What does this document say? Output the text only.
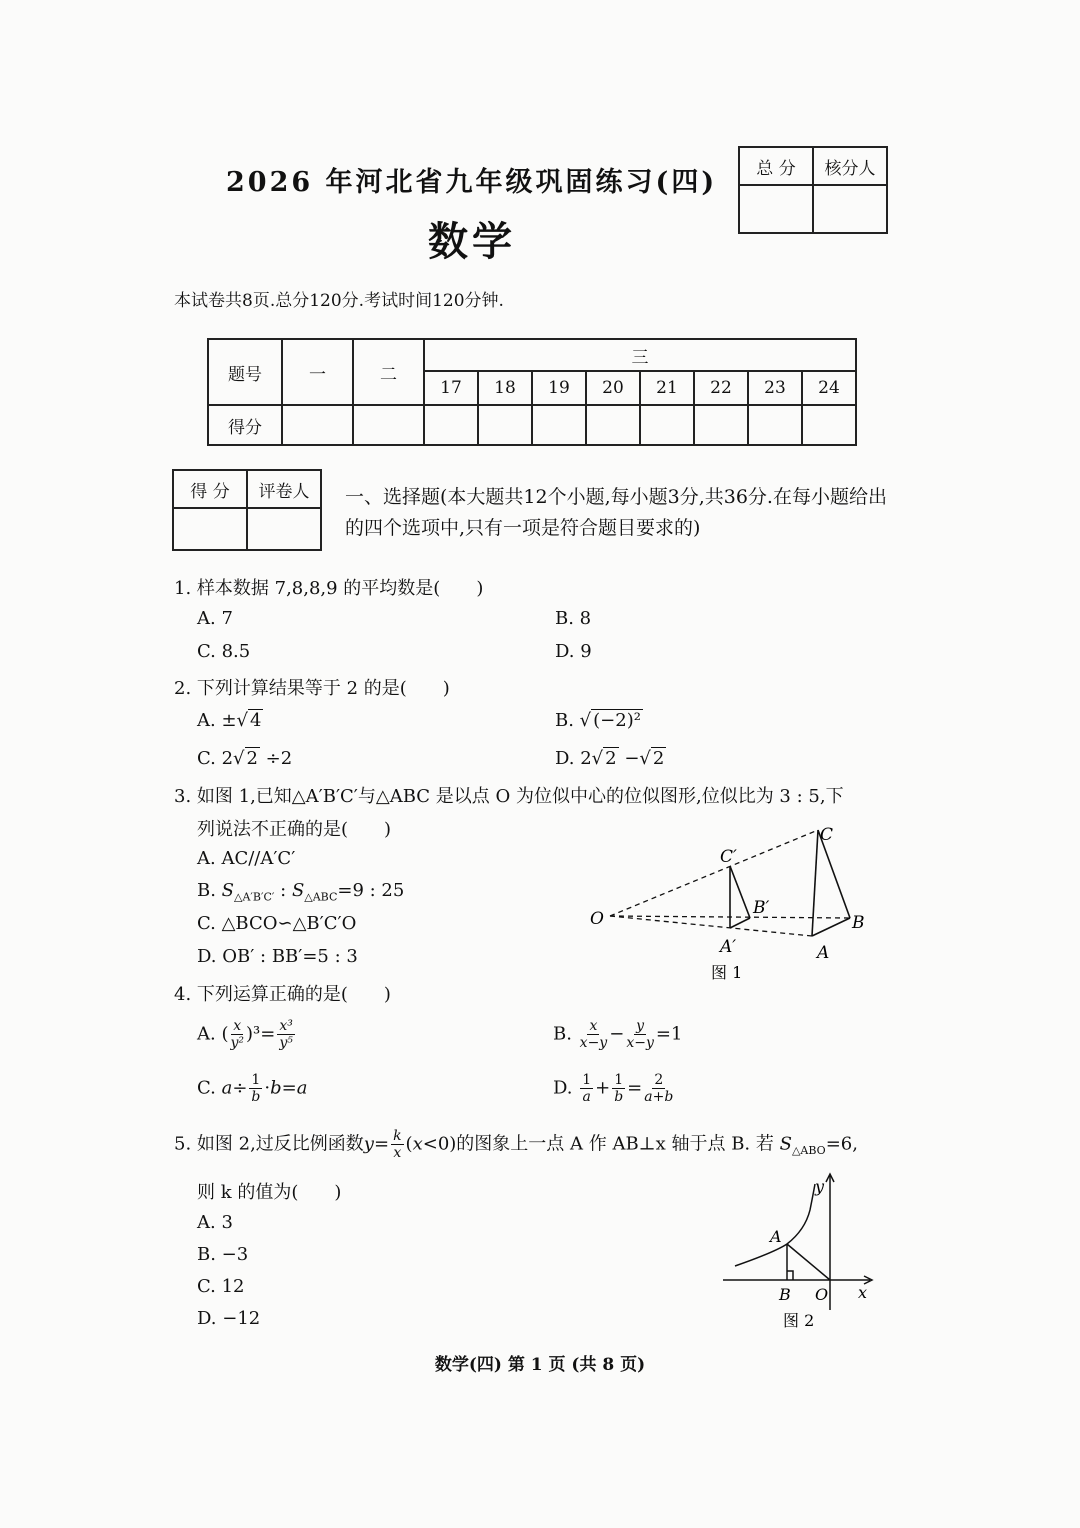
2026 年河北省九年级巩固练习(四)
数学
本试卷共8页.总分120分.考试时间120分钟.
总 分	核分人

题号	一	二	三							
			17	18	19	20	21	22	23	24
得分										
得 分	评卷人
	一、选择题(本大题共12个小题,每小题3分,共36分.在每小题给出的四个选项中,只有一项是符合题目要求的)
1. 样本数据 7,8,8,9 的平均数是(　　)
A. 7	B. 8
C. 8.5	D. 9
2. 下列计算结果等于 2 的是(　　)
A. ±√ 4	B. √ (−2)²
C. 2√ 2 ÷2	D. 2√ 2 −√ 2
3. 如图 1,已知△A′B′C′与△ABC 是以点 O 为位似中心的位似图形,位似比为 3 : 5,下
列说法不正确的是(　　)
A. AC//A′C′
B. $S_{\triangle A'B'C'}$ : $S_{\triangle ABC}=9$ : 25
C. △BCO∽△B′C′O
D. OB′ : BB′=5 : 3
O
C
B
A
C′
B′
A′
图 1
4. 下列运算正确的是(　　)
A. ( $\frac{x}{\text{y²}} )^3= \frac{\text{x³}}{\text{y⁵}}$	B. $\frac{x}{x-y} - \frac{y}{x-y} =1$
C. $a\div \frac{1}{b} \cdot b=a$	D. $\frac{1}{a} + \frac{1}{b} = \frac{2}{a+b}$
5. 如图 2,过反比例函数$y= \frac{k}{x} (x<0)$的图象上一点 A 作 AB⊥x 轴于点 B. 若 $S_{\triangle ABO}=6$,
则 k 的值为(　　)
A. 3
B. −3
C. 12
D. −12
A
B O x
y
图 2
数学(四) 第 1 页 (共 8 页)
